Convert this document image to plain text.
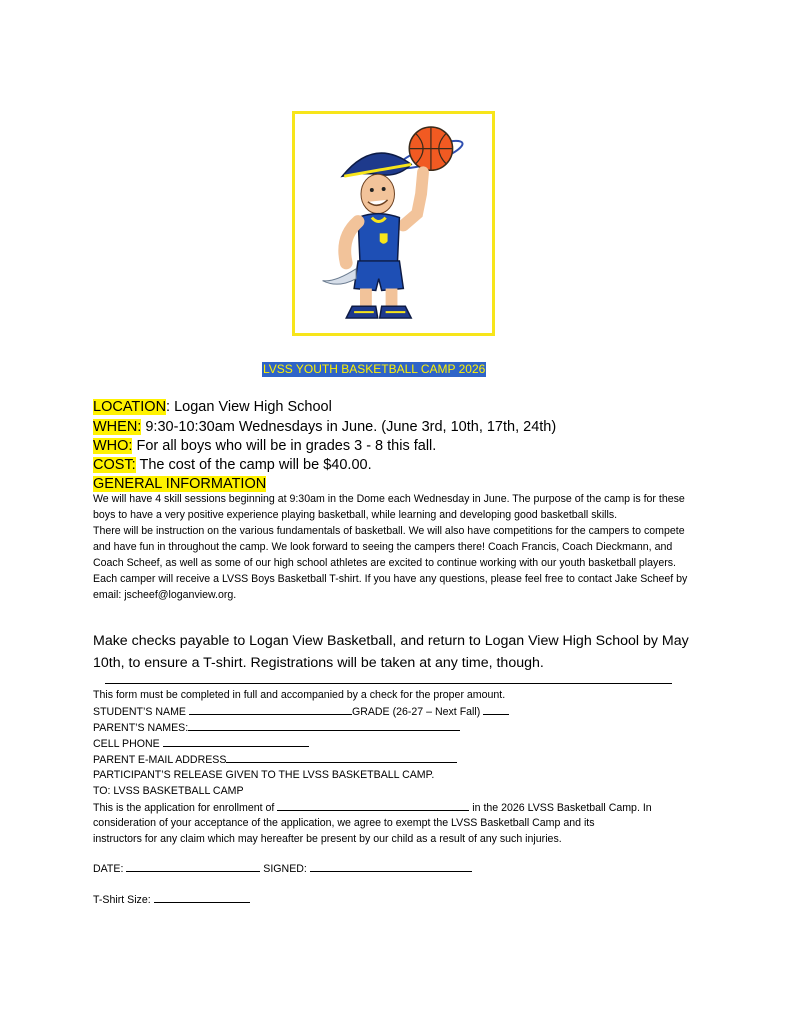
LVSS YOUTH BASKETBALL CAMP 2026
LOCATION: Logan View High School
WHEN: 9:30-10:30am Wednesdays in June. (June 3rd, 10th, 17th, 24th)
WHO: For all boys who will be in grades 3 - 8 this fall.
COST: The cost of the camp will be $40.00.
GENERAL INFORMATION

We will have 4 skill sessions beginning at 9:30am in the Dome each Wednesday in June. The purpose of the camp is for these boys to have a very positive experience playing basketball, while learning and developing good basketball skills.

There will be instruction on the various fundamentals of basketball. We will also have competitions for the campers to compete and have fun in throughout the camp. We look forward to seeing the campers there! Coach Francis, Coach Dieckmann, and Coach Scheef, as well as some of our high school athletes are excited to continue working with our youth basketball players. Each camper will receive a LVSS Boys Basketball T-shirt. If you have any questions, please feel free to contact Jake Scheef by email: jscheef@loganview.org.

Make checks payable to Logan View Basketball, and return to Logan View High School by May 10th, to ensure a T-shirt. Registrations will be taken at any time, though.
This form must be completed in full and accompanied by a check for the proper amount.
STUDENT’S NAME	GRADE (26-27 – Next Fall)
PARENT’S NAMES:
CELL PHONE
PARENT E-MAIL ADDRESS
PARTICIPANT’S RELEASE GIVEN TO THE LVSS BASKETBALL CAMP.
TO: LVSS BASKETBALL CAMP
This is the application for enrollment of	in the 2026 LVSS Basketball Camp. In
consideration of your acceptance of the application, we agree to exempt the LVSS Basketball Camp and its
instructors for any claim which may hereafter be present by our child as a result of any such injuries.
DATE:	SIGNED:
T-Shirt Size:
